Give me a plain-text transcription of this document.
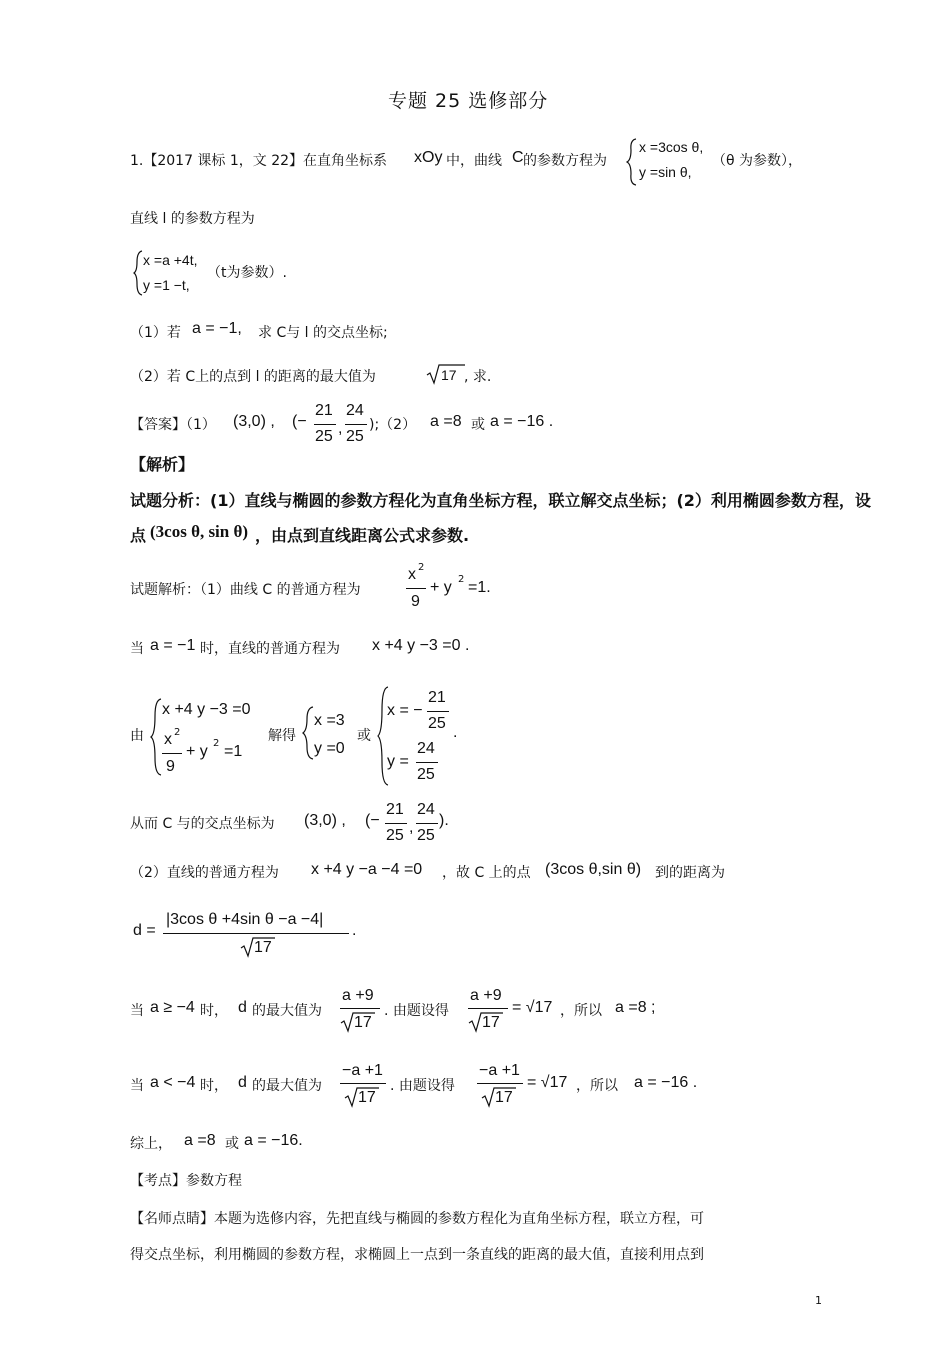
专题 25 选修部分
1.【2017 课标 1，文 22】在直角坐标系 xOy 中，曲线 C 的参数方程为
x =3cos θ,
y =sin θ,
（θ 为参数），
直线 l 的参数方程为
x =a +4t,
y =1 −t,
（t为参数）.
（1）若 a = −1, 求 C与 l 的交点坐标;
（2）若 C上的点到 l 的距离的最大值为	17 , 求.
【答案】（1） (3,0) , (−
21
25 ,
24
25
);（2） a =8 或 a = −16 .
【解析】
试题分析：(1）直线与椭圆的参数方程化为直角坐标方程，联立解交点坐标；(2）利用椭圆参数方程，设
点 (3cos θ, sin θ) ，由点到直线距离公式求参数.
试题解析：（1）曲线 C 的普通方程为
x 2
9
+ y 2 =1.
当 a = −1 时，直线的普通方程为 x +4 y −3 =0 .
由
x +4 y −3 =0
x 2
9
+ y 2 =1
解得
x =3
y =0
或
x = −
21
25
y =
24
25
.
从而 C 与的交点坐标为 (3,0) , (−
21
25 ,
24
25
).
（2）直线的普通方程为 x +4 y −a −4 =0 ，故 C 上的点 (3cos θ,sin θ) 到的距离为
d =
|3cos θ +4sin θ −a −4|
17
.
当 a ≥ −4 时， d 的最大值为
a +9
17
. 由题设得
a +9
17
= √17 ，所以 a =8 ;
当 a < −4 时， d 的最大值为
−a +1
17
. 由题设得
−a +1
17
= √17 ，所以 a = −16 .
综上， a =8 或 a = −16.
【考点】参数方程
【名师点睛】本题为选修内容，先把直线与椭圆的参数方程化为直角坐标方程，联立方程，可
得交点坐标，利用椭圆的参数方程，求椭圆上一点到一条直线的距离的最大值，直接利用点到
1
